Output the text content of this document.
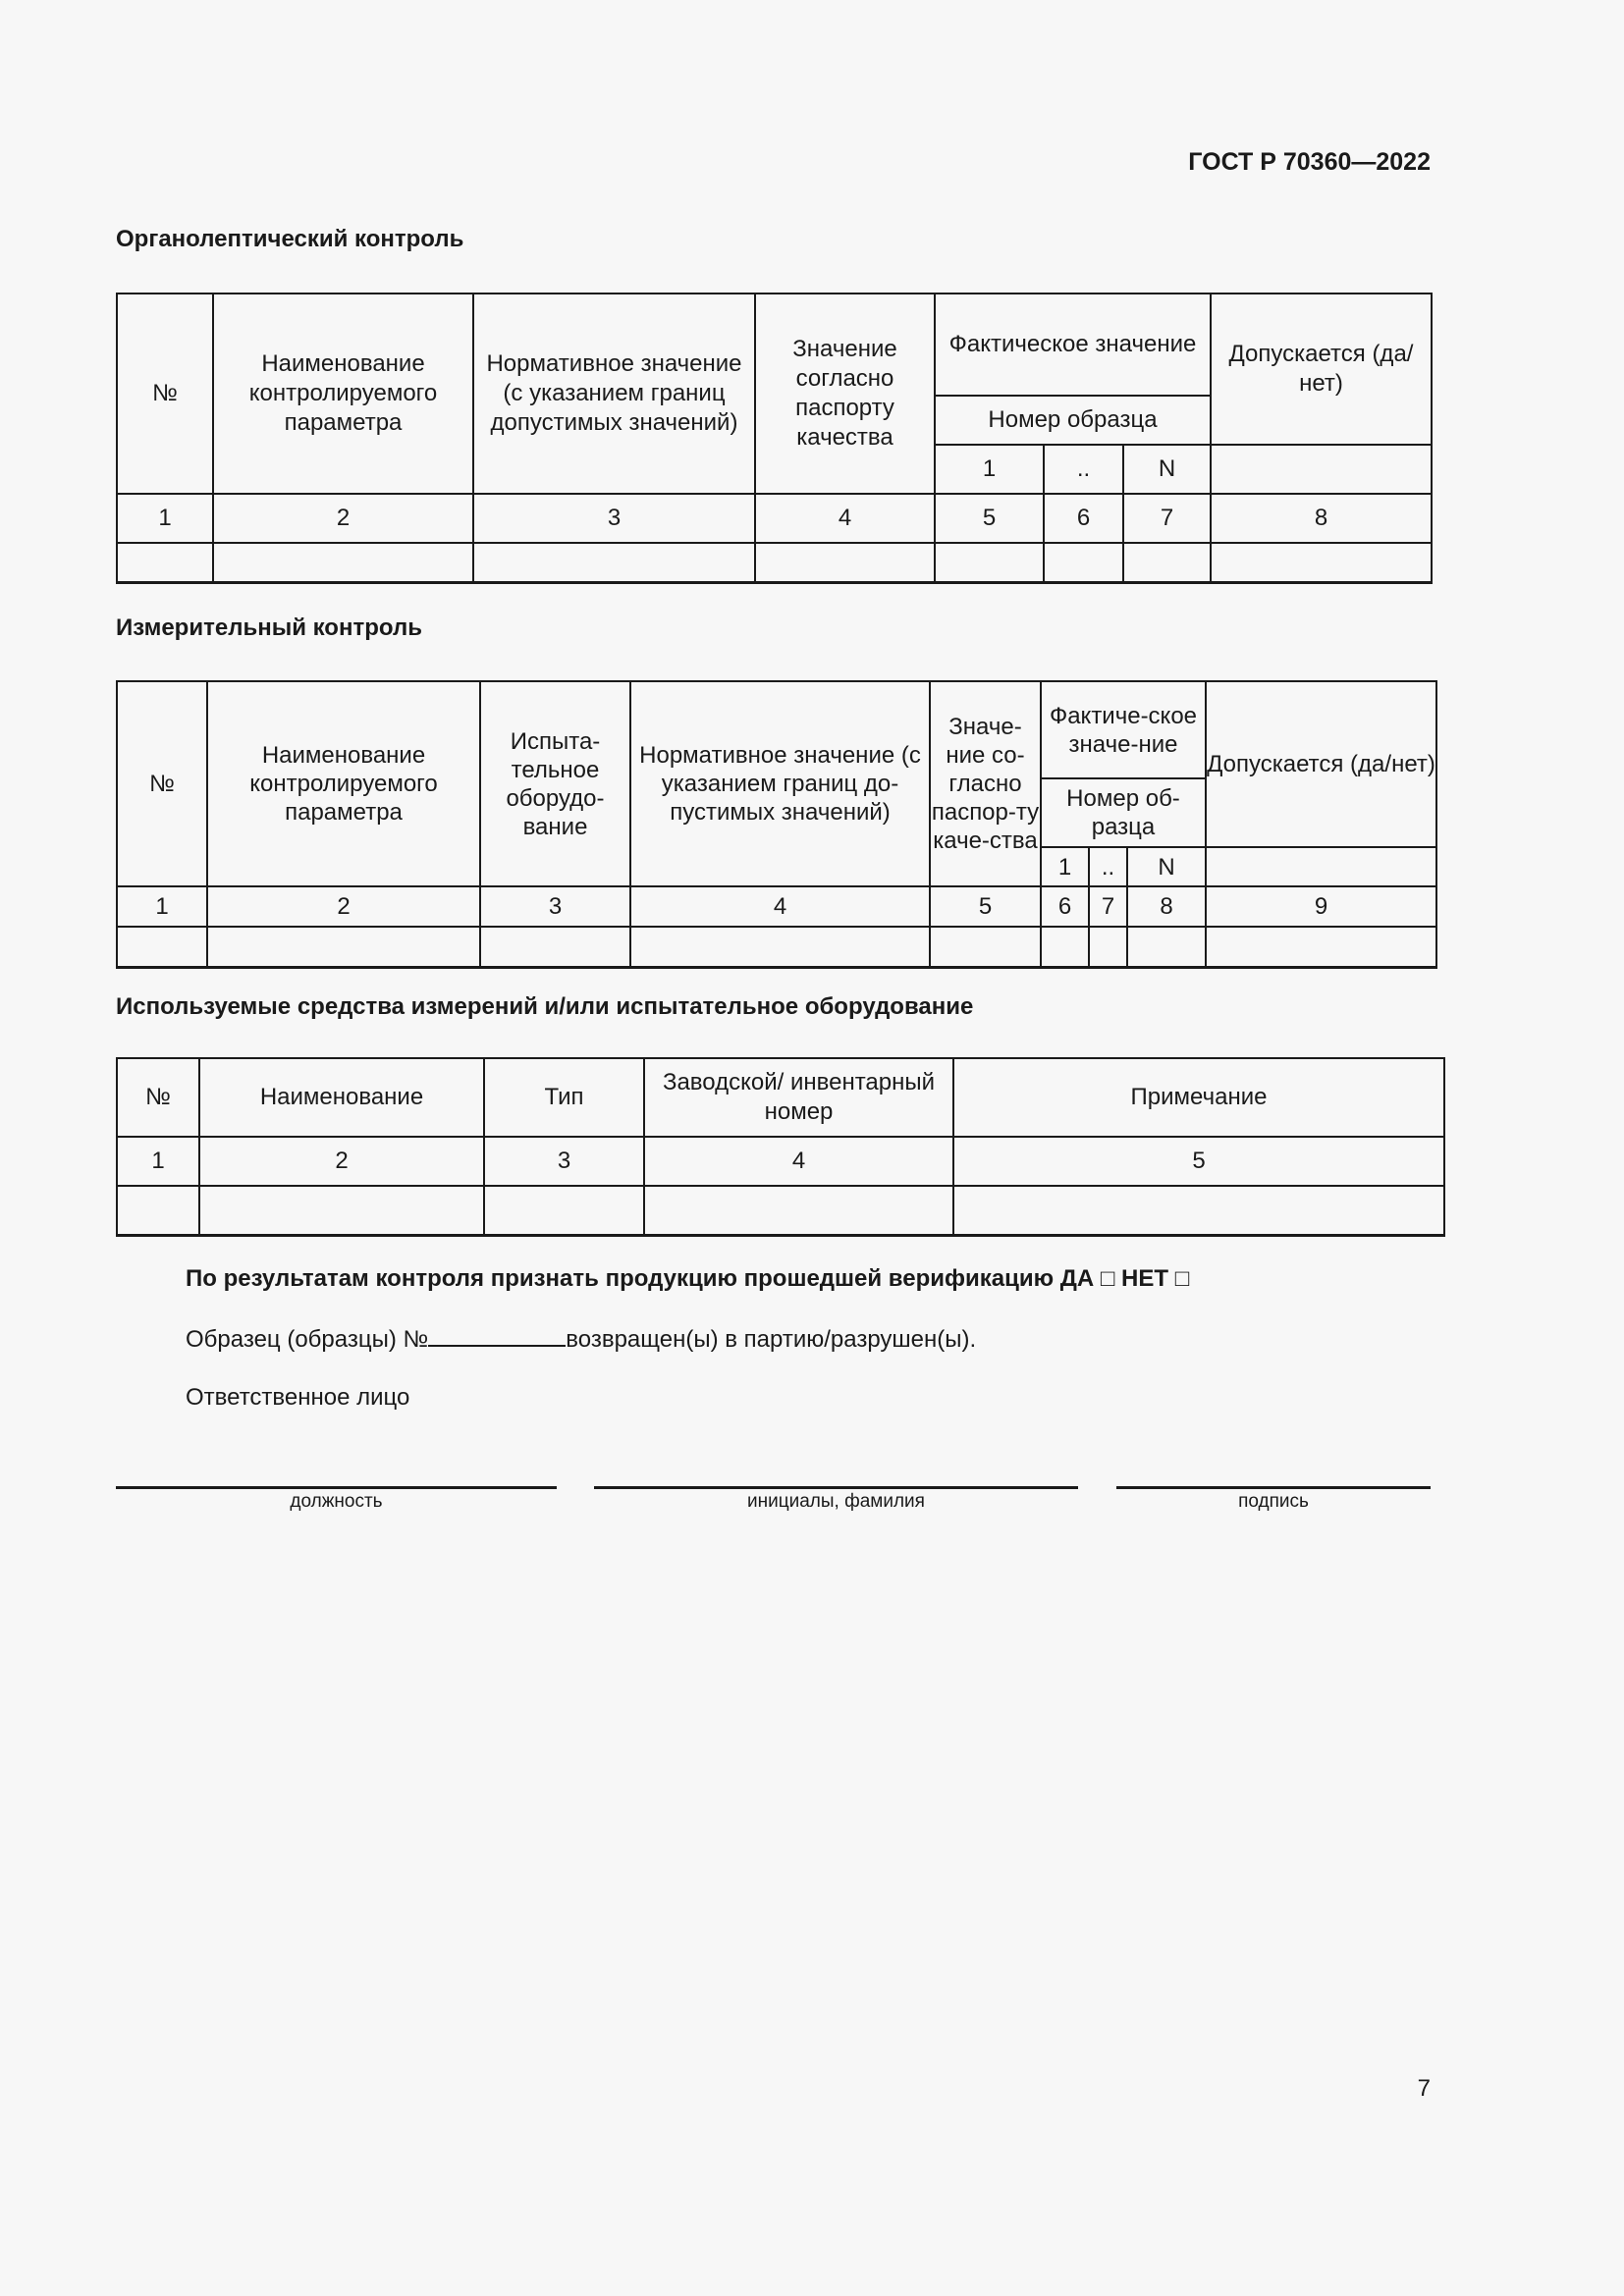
ГОСТ Р 70360—2022
Органолептический контроль
№	Наименование контролируемого параметра	Нормативное значение (с указанием границ допустимых значений)	Значение согласно паспорту качества	Фактическое значение			Допускается (да/нет)
				Номер образца			
				1	..	N	
1	2	3	4	5	6	7	8

Измерительный контроль
№	Наименование контролируемого параметра	Испыта-тельное оборудо-вание	Нормативное значение (с указанием границ до-пустимых значений)	Значе-ние со-гласно паспор-ту каче-ства	Фактиче-ское значе-ние			Допускается (да/нет)
					Номер об-разца			
					1	..	N	
1	2	3	4	5	6	7	8	9

Используемые средства измерений и/или испытательное оборудование
№	Наименование	Тип	Заводской/ инвентарный номер	Примечание
1	2	3	4	5

По результатам контроля признать продукцию прошедшей верификацию ДА □ НЕТ □
Образец (образцы) №	возвращен(ы) в партию/разрушен(ы).
Ответственное лицо
должность	инициалы, фамилия	подпись
7
